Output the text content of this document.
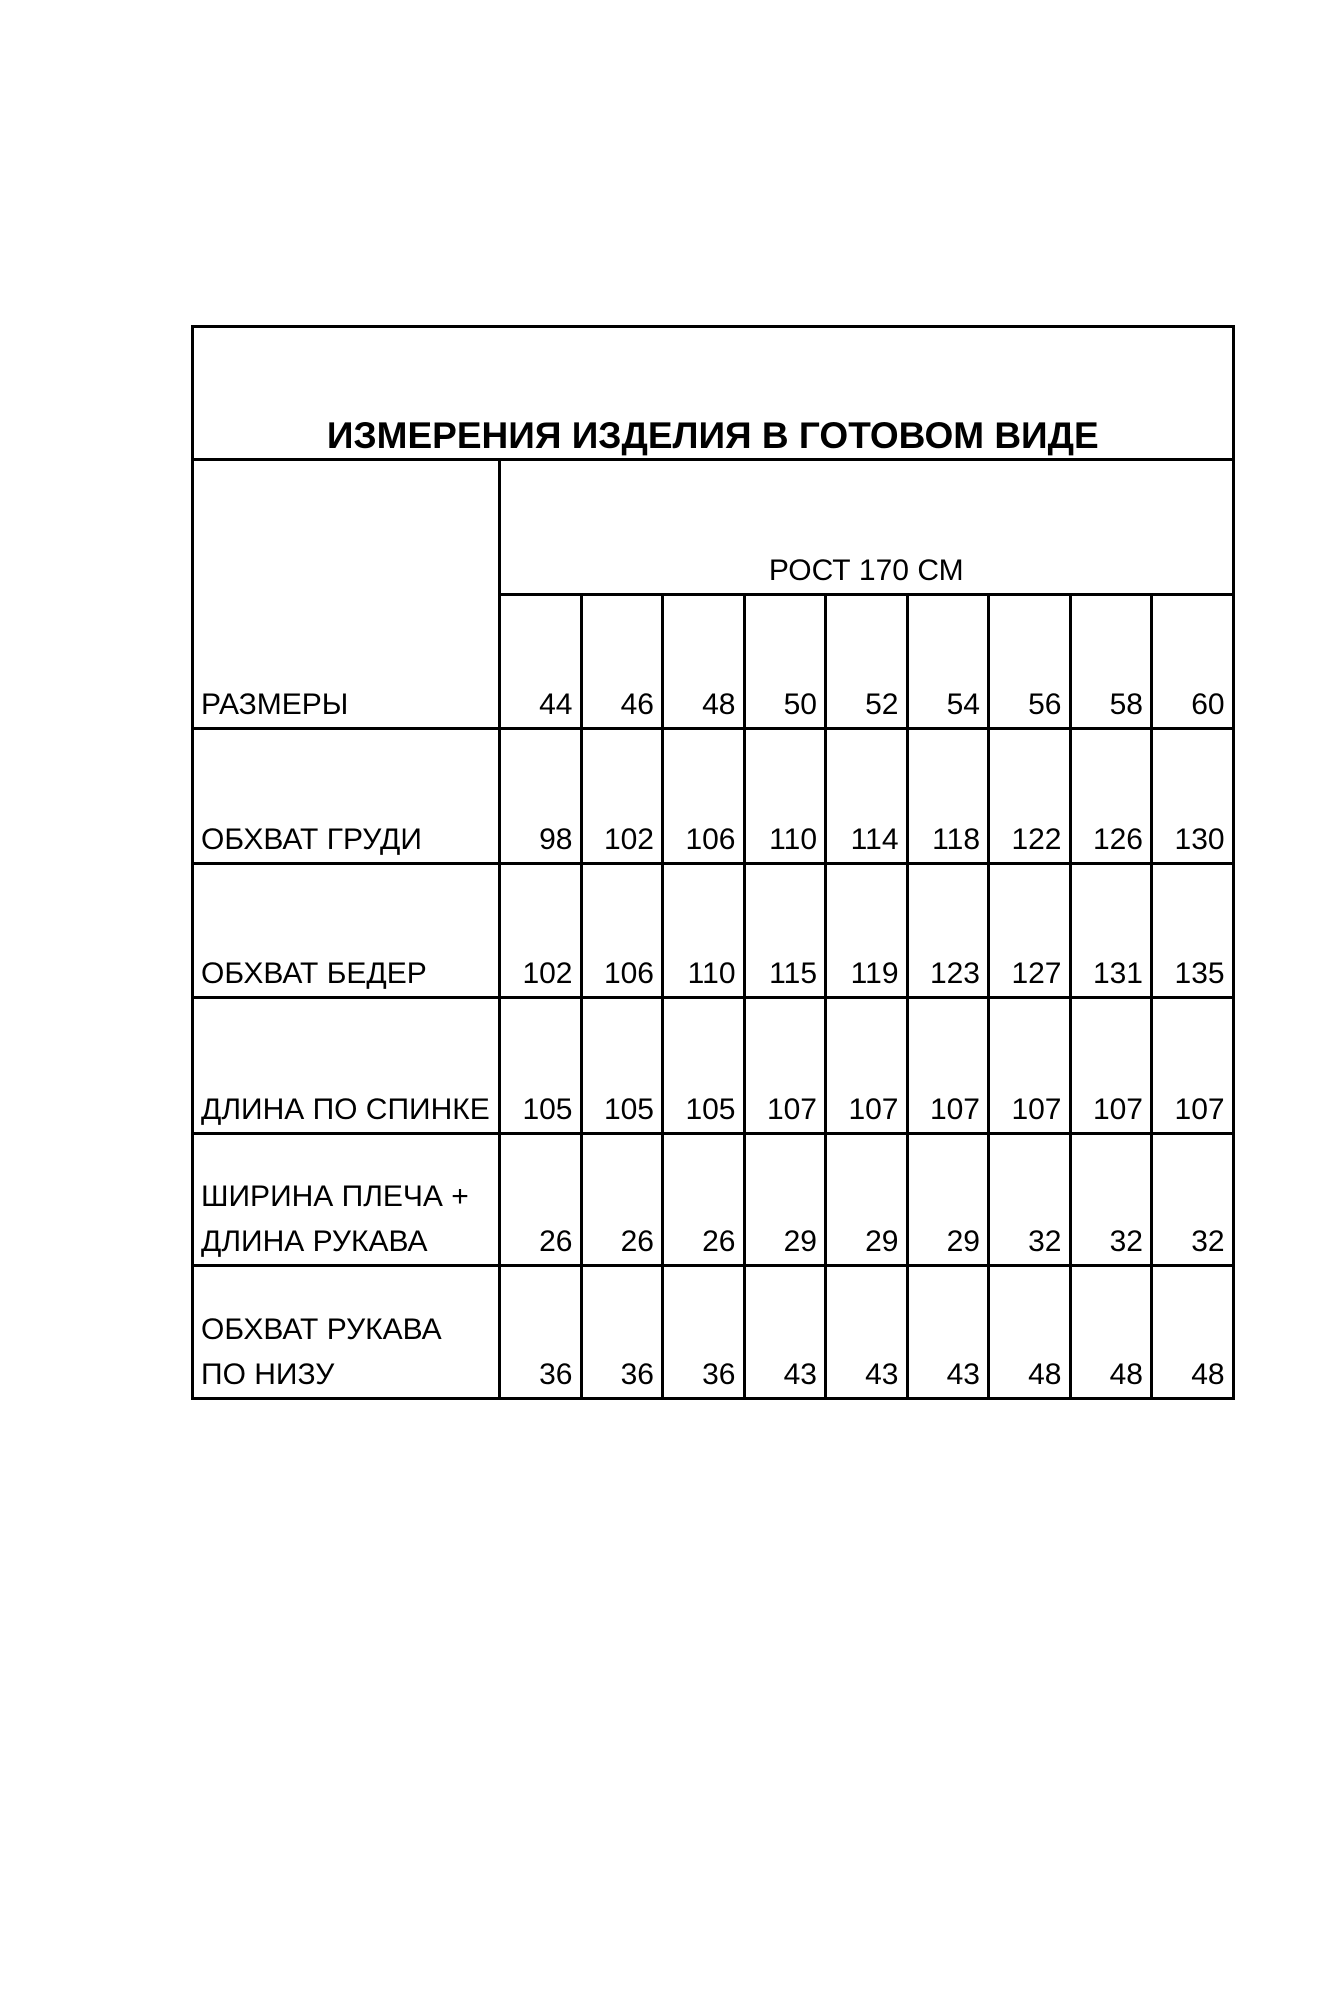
ИЗМЕРЕНИЯ ИЗДЕЛИЯ В ГОТОВОМ ВИДЕ									
РАЗМЕРЫ	РОСТ 170 СМ								
	44	46	48	50	52	54	56	58	60

ОБХВАТ ГРУДИ	98	102	106	110	114	118	122	126	130

ОБХВАТ БЕДЕР	102	106	110	115	119	123	127	131	135

ДЛИНА ПО СПИНКЕ	105	105	105	107	107	107	107	107	107

ШИРИНА ПЛЕЧА +
ДЛИНА РУКАВА	26	26	26	29	29	29	32	32	32

ОБХВАТ РУКАВА
ПО НИЗУ	36	36	36	43	43	43	48	48	48
